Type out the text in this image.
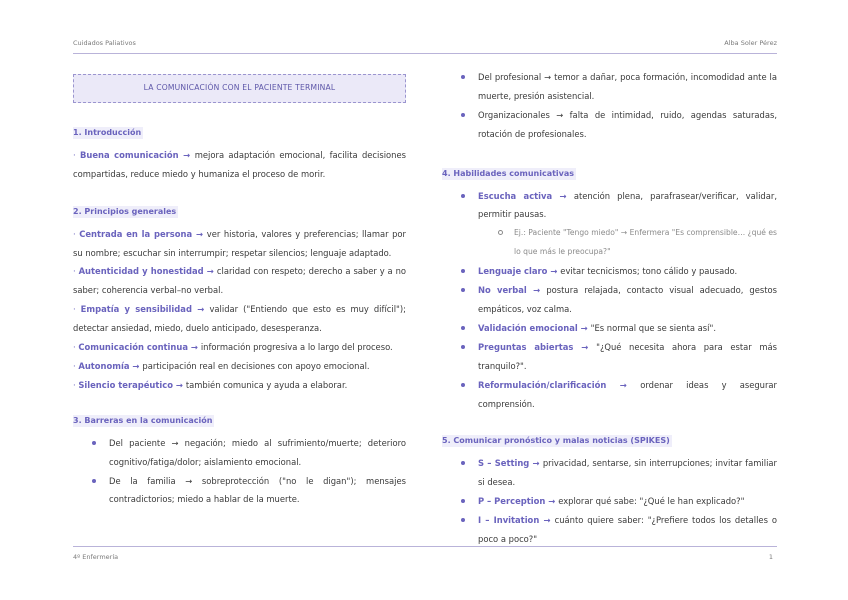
Cuidados Paliativos	Alba Soler Pérez
LA COMUNICACIÓN CON EL PACIENTE TERMINAL
1. Introducción

· Buena comunicación → mejora adaptación emocional, facilita decisiones compartidas, reduce miedo y humaniza el proceso de morir.

2. Principios generales

· Centrada en la persona → ver historia, valores y preferencias; llamar por su nombre; escuchar sin interrumpir; respetar silencios; lenguaje adaptado.

· Autenticidad y honestidad → claridad con respeto; derecho a saber y a no saber; coherencia verbal–no verbal.

· Empatía y sensibilidad → validar ("Entiendo que esto es muy difícil"); detectar ansiedad, miedo, duelo anticipado, desesperanza.

· Comunicación continua → información progresiva a lo largo del proceso.

· Autonomía → participación real en decisiones con apoyo emocional.

· Silencio terapéutico → también comunica y ayuda a elaborar.

3. Barreras en la comunicación
Del paciente → negación; miedo al sufrimiento/muerte; deterioro cognitivo/fatiga/dolor; aislamiento emocional.
De la familia → sobreprotección ("no le digan"); mensajes contradictorios; miedo a hablar de la muerte.
Del profesional → temor a dañar, poca formación, incomodidad ante la muerte, presión asistencial.
Organizacionales → falta de intimidad, ruido, agendas saturadas, rotación de profesionales.
4. Habilidades comunicativas
Escucha activa → atención plena, parafrasear/verificar, validar, permitir pausas.
Ej.: Paciente "Tengo miedo" → Enfermera "Es comprensible… ¿qué es lo que más le preocupa?"
Lenguaje claro → evitar tecnicismos; tono cálido y pausado.
No verbal → postura relajada, contacto visual adecuado, gestos empáticos, voz calma.
Validación emocional → "Es normal que se sienta así".
Preguntas abiertas → "¿Qué necesita ahora para estar más tranquilo?".
Reformulación/clarificación → ordenar ideas y asegurar comprensión.
5. Comunicar pronóstico y malas noticias (SPIKES)
S – Setting → privacidad, sentarse, sin interrupciones; invitar familiar si desea.
P – Perception → explorar qué sabe: "¿Qué le han explicado?"
I – Invitation → cuánto quiere saber: "¿Prefiere todos los detalles o poco a poco?"
4º Enfermería	1
